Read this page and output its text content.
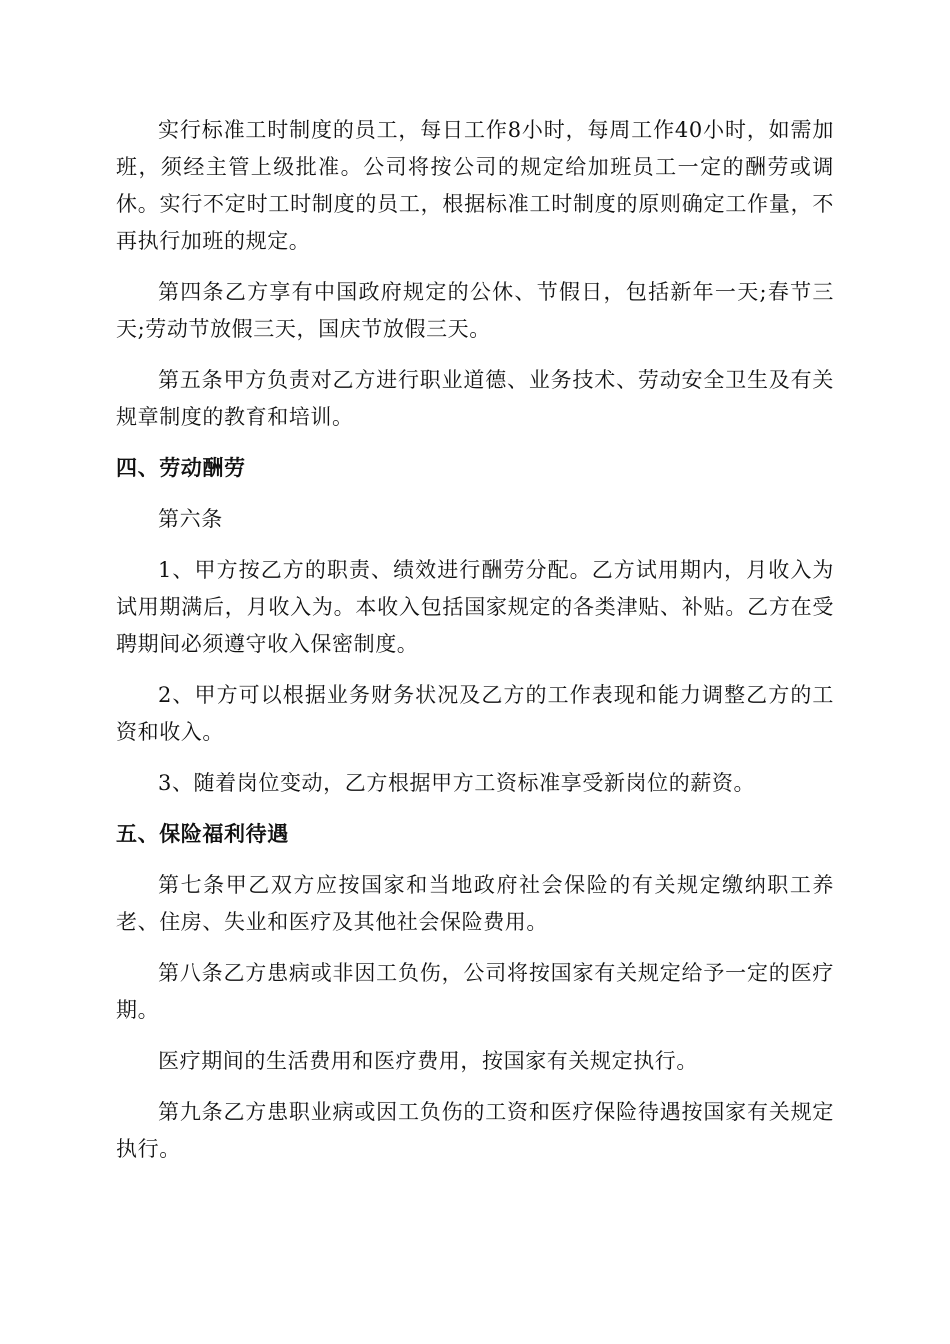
实行标准工时制度的员工，每日工作8小时，每周工作40小时，如需加班，须经主管上级批准。公司将按公司的规定给加班员工一定的酬劳或调休。实行不定时工时制度的员工，根据标准工时制度的原则确定工作量，不再执行加班的规定。

第四条乙方享有中国政府规定的公休、节假日，包括新年一天;春节三天;劳动节放假三天，国庆节放假三天。

第五条甲方负责对乙方进行职业道德、业务技术、劳动安全卫生及有关规章制度的教育和培训。

四、劳动酬劳

第六条

1、甲方按乙方的职责、绩效进行酬劳分配。乙方试用期内，月收入为试用期满后，月收入为。本收入包括国家规定的各类津贴、补贴。乙方在受聘期间必须遵守收入保密制度。

2、甲方可以根据业务财务状况及乙方的工作表现和能力调整乙方的工资和收入。

3、随着岗位变动，乙方根据甲方工资标准享受新岗位的薪资。

五、保险福利待遇

第七条甲乙双方应按国家和当地政府社会保险的有关规定缴纳职工养老、住房、失业和医疗及其他社会保险费用。

第八条乙方患病或非因工负伤，公司将按国家有关规定给予一定的医疗期。

医疗期间的生活费用和医疗费用，按国家有关规定执行。

第九条乙方患职业病或因工负伤的工资和医疗保险待遇按国家有关规定执行。
